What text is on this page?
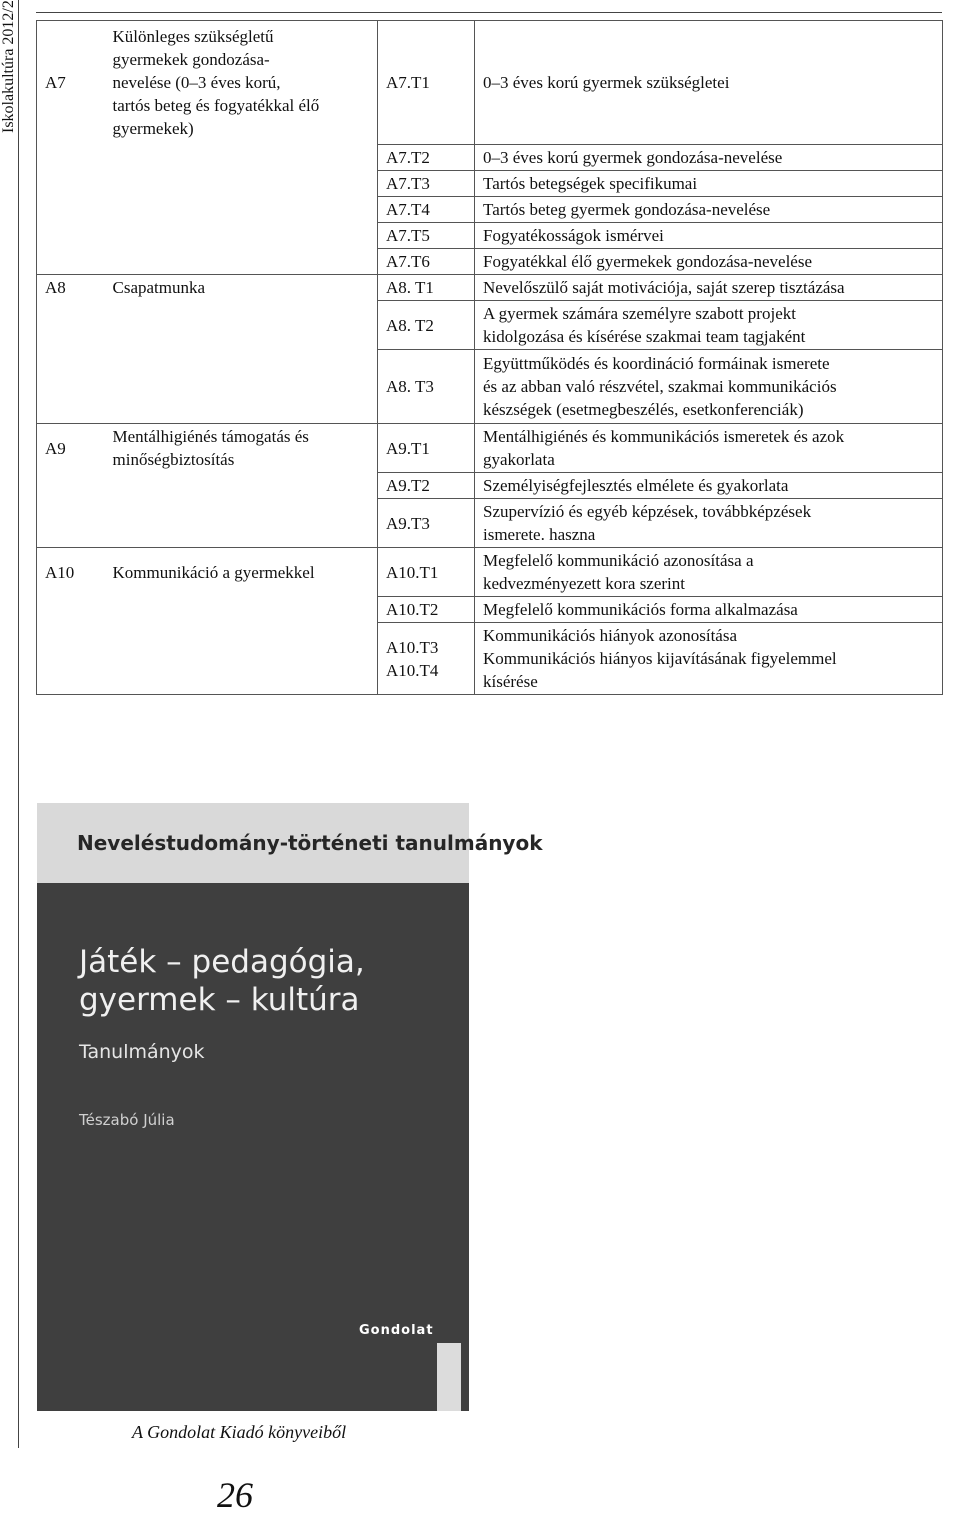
Iskolakultúra 2012/2 A7	Különleges szükségletű
gyermekek gondozása-
nevelése (0–3 éves korú,
tartós beteg és fogyatékkal élő
gyermekek)	A7.T1	0–3 éves korú gyermek szükségletei

		A7.T2	0–3 éves korú gyermek gondozása-nevelése

		A7.T3	Tartós betegségek specifikumai

		A7.T4	Tartós beteg gyermek gondozása-nevelése

		A7.T5	Fogyatékosságok ismérvei

		A7.T6	Fogyatékkal élő gyermekek gondozása-nevelése

A8	Csapatmunka	A8. T1	Nevelőszülő saját motivációja, saját szerep tisztázása

		A8. T2	A gyermek számára személyre szabott projekt
kidolgozása és kísérése szakmai team tagjaként

		A8. T3	Együttműködés és koordináció formáinak ismerete
és az abban való részvétel, szakmai kommunikációs
készségek (esetmegbeszélés, esetkonferenciák)

A9	Mentálhigiénés támogatás és
minőségbiztosítás	A9.T1	Mentálhigiénés és kommunikációs ismeretek és azok
gyakorlata

		A9.T2	Személyiségfejlesztés elmélete és gyakorlata

		A9.T3	Szupervízió és egyéb képzések, továbbképzések
ismerete. haszna

A10	Kommunikáció a gyermekkel	A10.T1	Megfelelő kommunikáció azonosítása a
kedvezményezett kora szerint

		A10.T2	Megfelelő kommunikációs forma alkalmazása

		A10.T3
A10.T4	Kommunikációs hiányok azonosítása
Kommunikációs hiányos kijavításának figyelemmel
kísérése
Neveléstudomány-történeti tanulmányok
Játék – pedagógia,
gyermek – kultúra
Tanulmányok
Tészabó Júlia
Gondolat
A Gondolat Kiadó könyveiből
26
